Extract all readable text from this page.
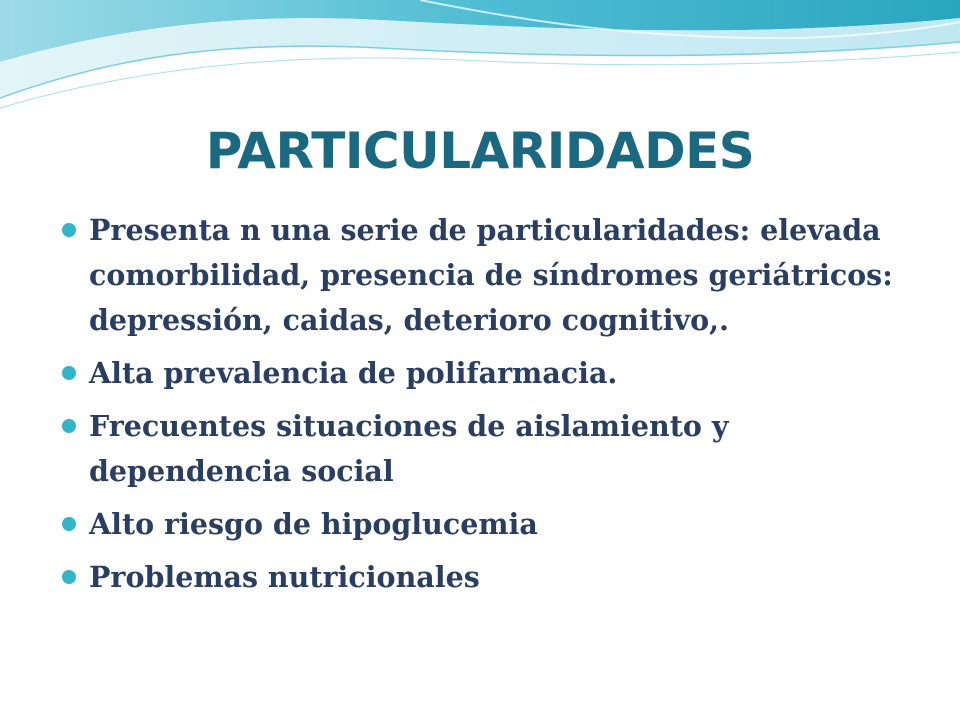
PARTICULARIDADES
Presenta n una serie de particularidades: elevada comorbilidad, presencia de síndromes geriátricos: depressión, caidas, deterioro cognitivo,.
Alta prevalencia de polifarmacia.
Frecuentes situaciones de aislamiento y dependencia social
Alto riesgo de hipoglucemia
Problemas nutricionales
